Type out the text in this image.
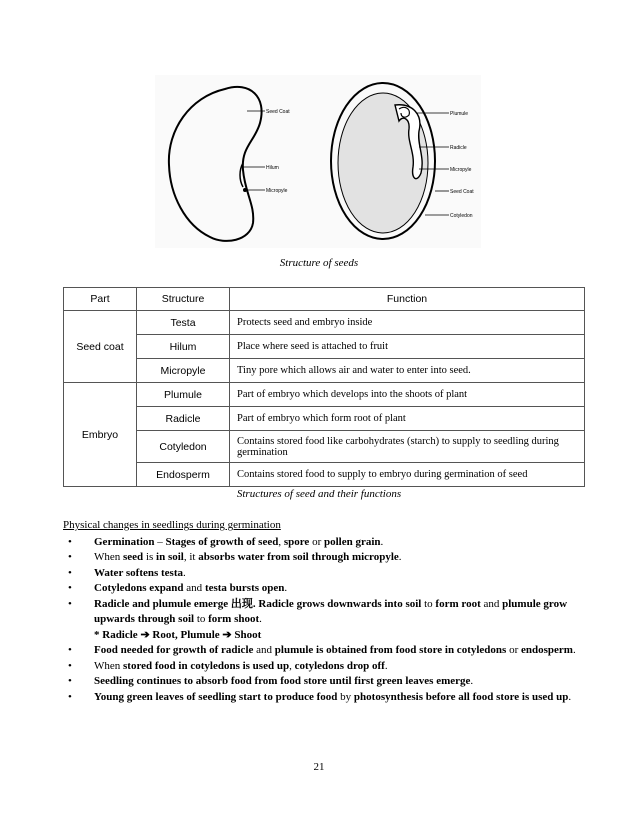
Seed Coat
Hilum
Micropyle
Plumule
Radicle
Micropyle
Seed Coat
Cotyledon
Structure of seeds
Part	Structure	Function
Seed coat	Testa	Protects seed and embryo inside
	Hilum	Place where seed is attached to fruit
	Micropyle	Tiny pore which allows air and water to enter into seed.
Embryo	Plumule	Part of embryo which develops into the shoots of plant
	Radicle	Part of embryo which form root of plant
	Cotyledon	Contains stored food like carbohydrates (starch) to supply to seedling during germination
	Endosperm	Contains stored food to supply to embryo during germination of seed
Structures of seed and their functions
Physical changes in seedlings during germination
• Germination – Stages of growth of seed, spore or pollen grain.
• When seed is in soil, it absorbs water from soil through micropyle.
• Water softens testa.
• Cotyledons expand and testa bursts open.
• Radicle and plumule emerge 出现. Radicle grows downwards into soil to form root and plumule grow upwards through soil to form shoot.
* Radicle ➔ Root, Plumule ➔ Shoot
• Food needed for growth of radicle and plumule is obtained from food store in cotyledons or endosperm.
• When stored food in cotyledons is used up, cotyledons drop off.
• Seedling continues to absorb food from food store until first green leaves emerge.
• Young green leaves of seedling start to produce food by photosynthesis before all food store is used up.
21
